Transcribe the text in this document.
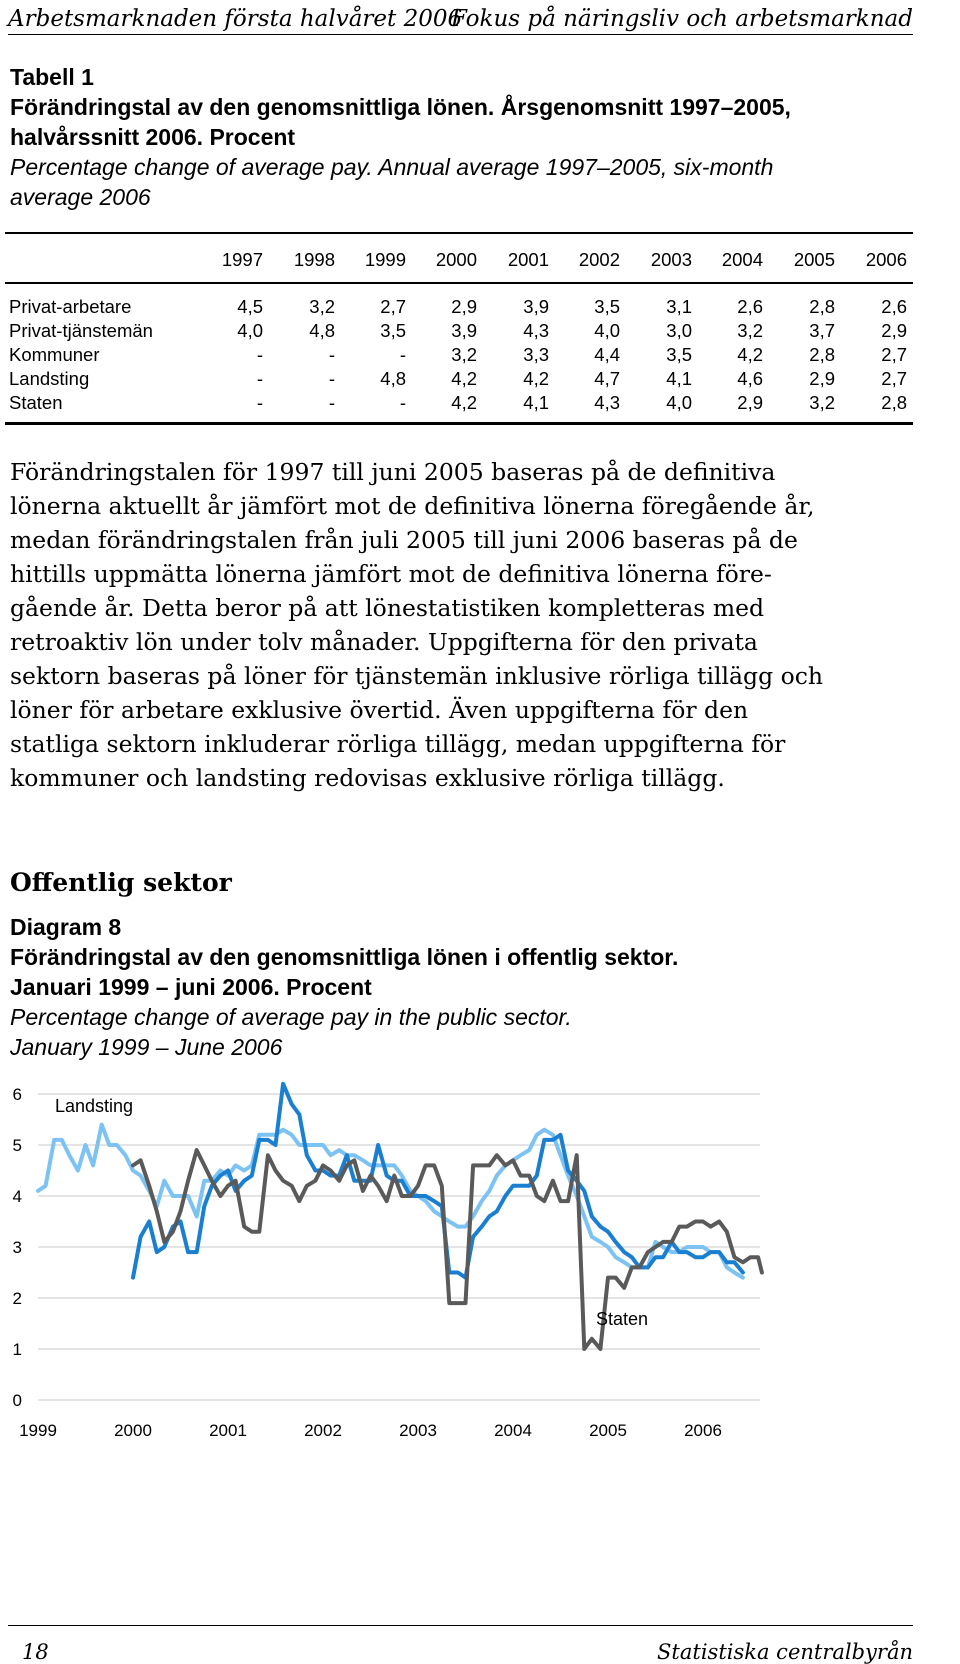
Arbetsmarknaden första halvåret 2006
Fokus på näringsliv och arbetsmarknad
Tabell 1
Förändringstal av den genomsnittliga lönen. Årsgenomsnitt 1997–2005,
halvårssnitt 2006. Procent
Percentage change of average pay. Annual average 1997–2005, six-month
average 2006
1997	1998	1999	2000	2001	2002	2003	2004	2005	2006
Privat-arbetare	4,5	3,2	2,7	2,9	3,9	3,5	3,1	2,6	2,8	2,6
Privat-tjänstemän	4,0	4,8	3,5	3,9	4,3	4,0	3,0	3,2	3,7	2,9
Kommuner	-	-	-	3,2	3,3	4,4	3,5	4,2	2,8	2,7
Landsting	-	-	4,8	4,2	4,2	4,7	4,1	4,6	2,9	2,7
Staten	-	-	-	4,2	4,1	4,3	4,0	2,9	3,2	2,8

Förändringstalen för 1997 till juni 2005 baseras på de definitiva

lönerna aktuellt år jämfört mot de definitiva lönerna föregående år,

medan förändringstalen från juli 2005 till juni 2006 baseras på de

hittills uppmätta lönerna jämfört mot de definitiva lönerna före-

gående år. Detta beror på att lönestatistiken kompletteras med

retroaktiv lön under tolv månader. Uppgifterna för den privata

sektorn baseras på löner för tjänstemän inklusive rörliga tillägg och

löner för arbetare exklusive övertid. Även uppgifterna för den

statliga sektorn inkluderar rörliga tillägg, medan uppgifterna för

kommuner och landsting redovisas exklusive rörliga tillägg.

Offentlig sektor
Diagram 8
Förändringstal av den genomsnittliga lönen i offentlig sektor.
Januari 1999 – juni 2006. Procent
Percentage change of average pay in the public sector.
January 1999 – June 2006
0
1
2
3
4
5
6
1999	2000	2001	2002	2003	2004	2005	2006
Landsting
Staten
18	Statistiska centralbyrån
